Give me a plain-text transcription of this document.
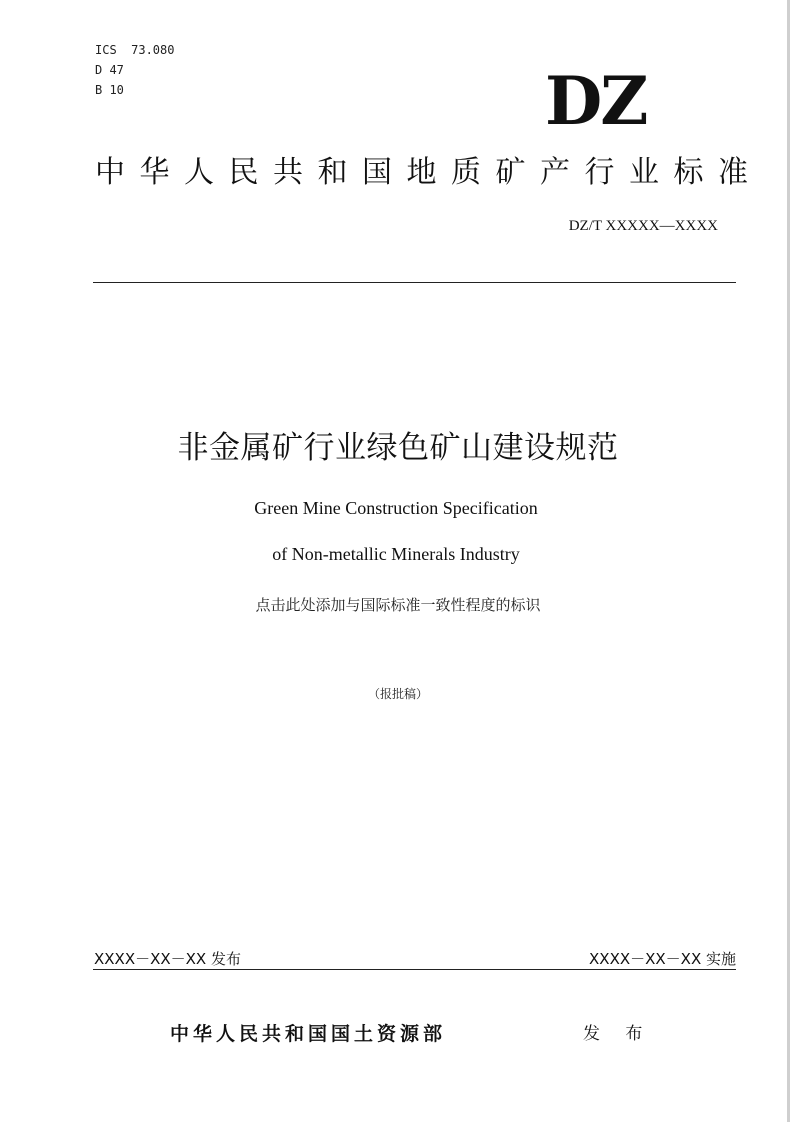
ICS  73.080
D 47
B 10	DZ
中华人民共和国地质矿产行业标准
DZ/T XXXXX—XXXX
非金属矿行业绿色矿山建设规范
Green Mine Construction Specification
of Non-metallic Minerals Industry
点击此处添加与国际标准一致性程度的标识
（报批稿）
XXXX－XX－XX 发布	XXXX－XX－XX 实施
中华人民共和国国土资源部	发 布
